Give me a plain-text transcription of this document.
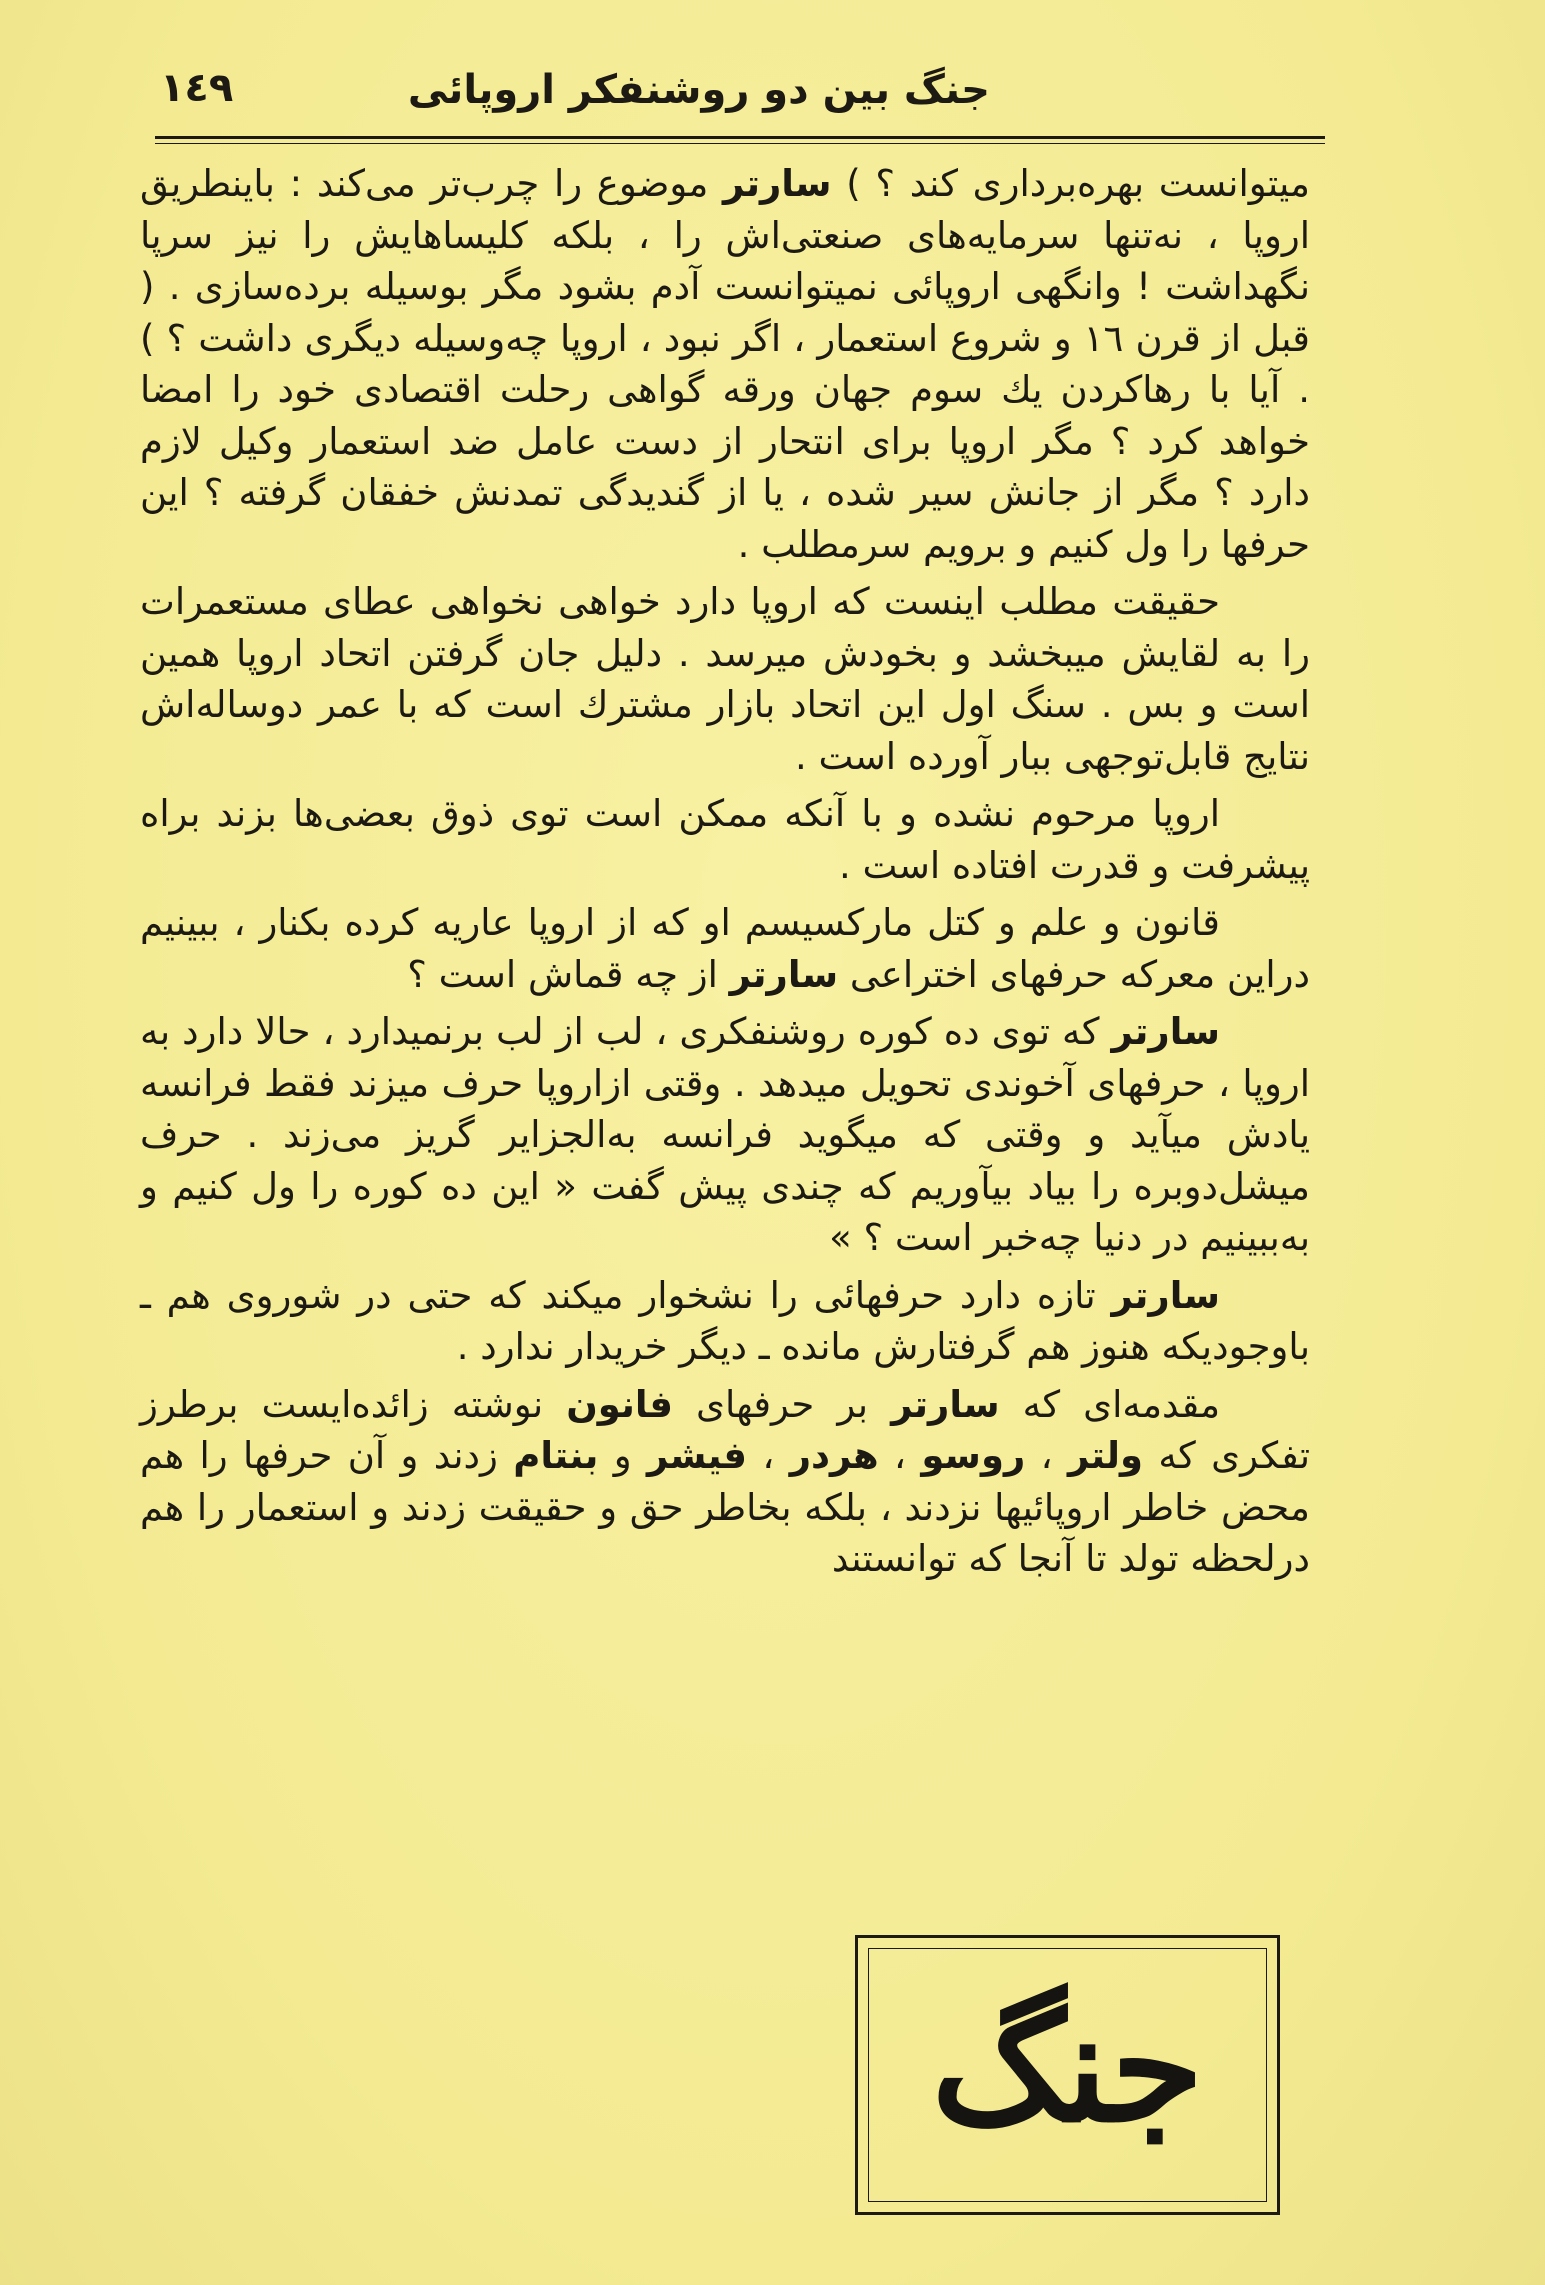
١٤٩	جنگ بین دو روشنفکر اروپائی

میتوانست بهره‌برداری کند ؟ ) سارتر موضوع را چرب‌تر می‌کند : باینطریق اروپا ، نه‌تنها سرمایه‌های صنعتی‌اش را ، بلکه کلیساهایش را نیز سرپا نگهداشت ! وانگهی اروپائی نمیتوانست آدم بشود مگر بوسیله برده‌سازی . ( قبل از قرن ١٦ و شروع استعمار ، اگر نبود ، اروپا چه‌وسیله دیگری داشت ؟ ) . آیا با رهاکردن یك سوم جهان ورقه گواهی رحلت اقتصادی خود را امضا خواهد کرد ؟ مگر اروپا برای انتحار از دست عامل ضد استعمار وکیل لازم دارد ؟ مگر از جانش سیر شده ، یا از گندیدگی تمدنش خفقان گرفته ؟ این حرفها را ول کنیم و برویم سرمطلب .

حقیقت مطلب اینست که اروپا دارد خواهی نخواهی عطای مستعمرات را به لقایش میبخشد و بخودش میرسد . دلیل جان گرفتن اتحاد اروپا همین است و بس . سنگ اول این اتحاد بازار مشترك است که با عمر دوساله‌اش نتایج قابل‌توجهی ببار آورده است .

اروپا مرحوم نشده و با آنکه ممکن است توی ذوق بعضی‌ها بزند براه پیشرفت و قدرت افتاده است .

قانون و علم و کتل مارکسیسم او که از اروپا عاریه کرده بکنار ، ببینیم دراین معرکه حرفهای اختراعی سارتر از چه قماش است ؟

سارتر که توی ده کوره روشنفکری ، لب از لب برنمیدارد ، حالا دارد به اروپا ، حرفهای آخوندی تحویل میدهد . وقتی ازاروپا حرف میزند فقط فرانسه یادش میآید و وقتی که میگوید فرانسه به‌الجزایر گریز می‌زند . حرف میشل‌دوبره را بیاد بیآوریم که چندی پیش گفت « این ده کوره را ول کنیم و به‌ببینیم در دنیا چه‌خبر است ؟ »

سارتر تازه دارد حرفهائی را نشخوار میکند که حتی در شوروی هم ـ باوجودیکه هنوز هم گرفتارش مانده ـ دیگر خریدار ندارد .

مقدمه‌ای که سارتر بر حرفهای فانون نوشته زائده‌ایست برطرز تفکری که ولتر ، روسو ، هردر ، فیشر و بنتام زدند و آن حرفها را هم محض خاطر اروپائیها نزدند ، بلکه بخاطر حق و حقیقت زدند و استعمار را هم درلحظه تولد تا آنجا که توانستند

جنگ
